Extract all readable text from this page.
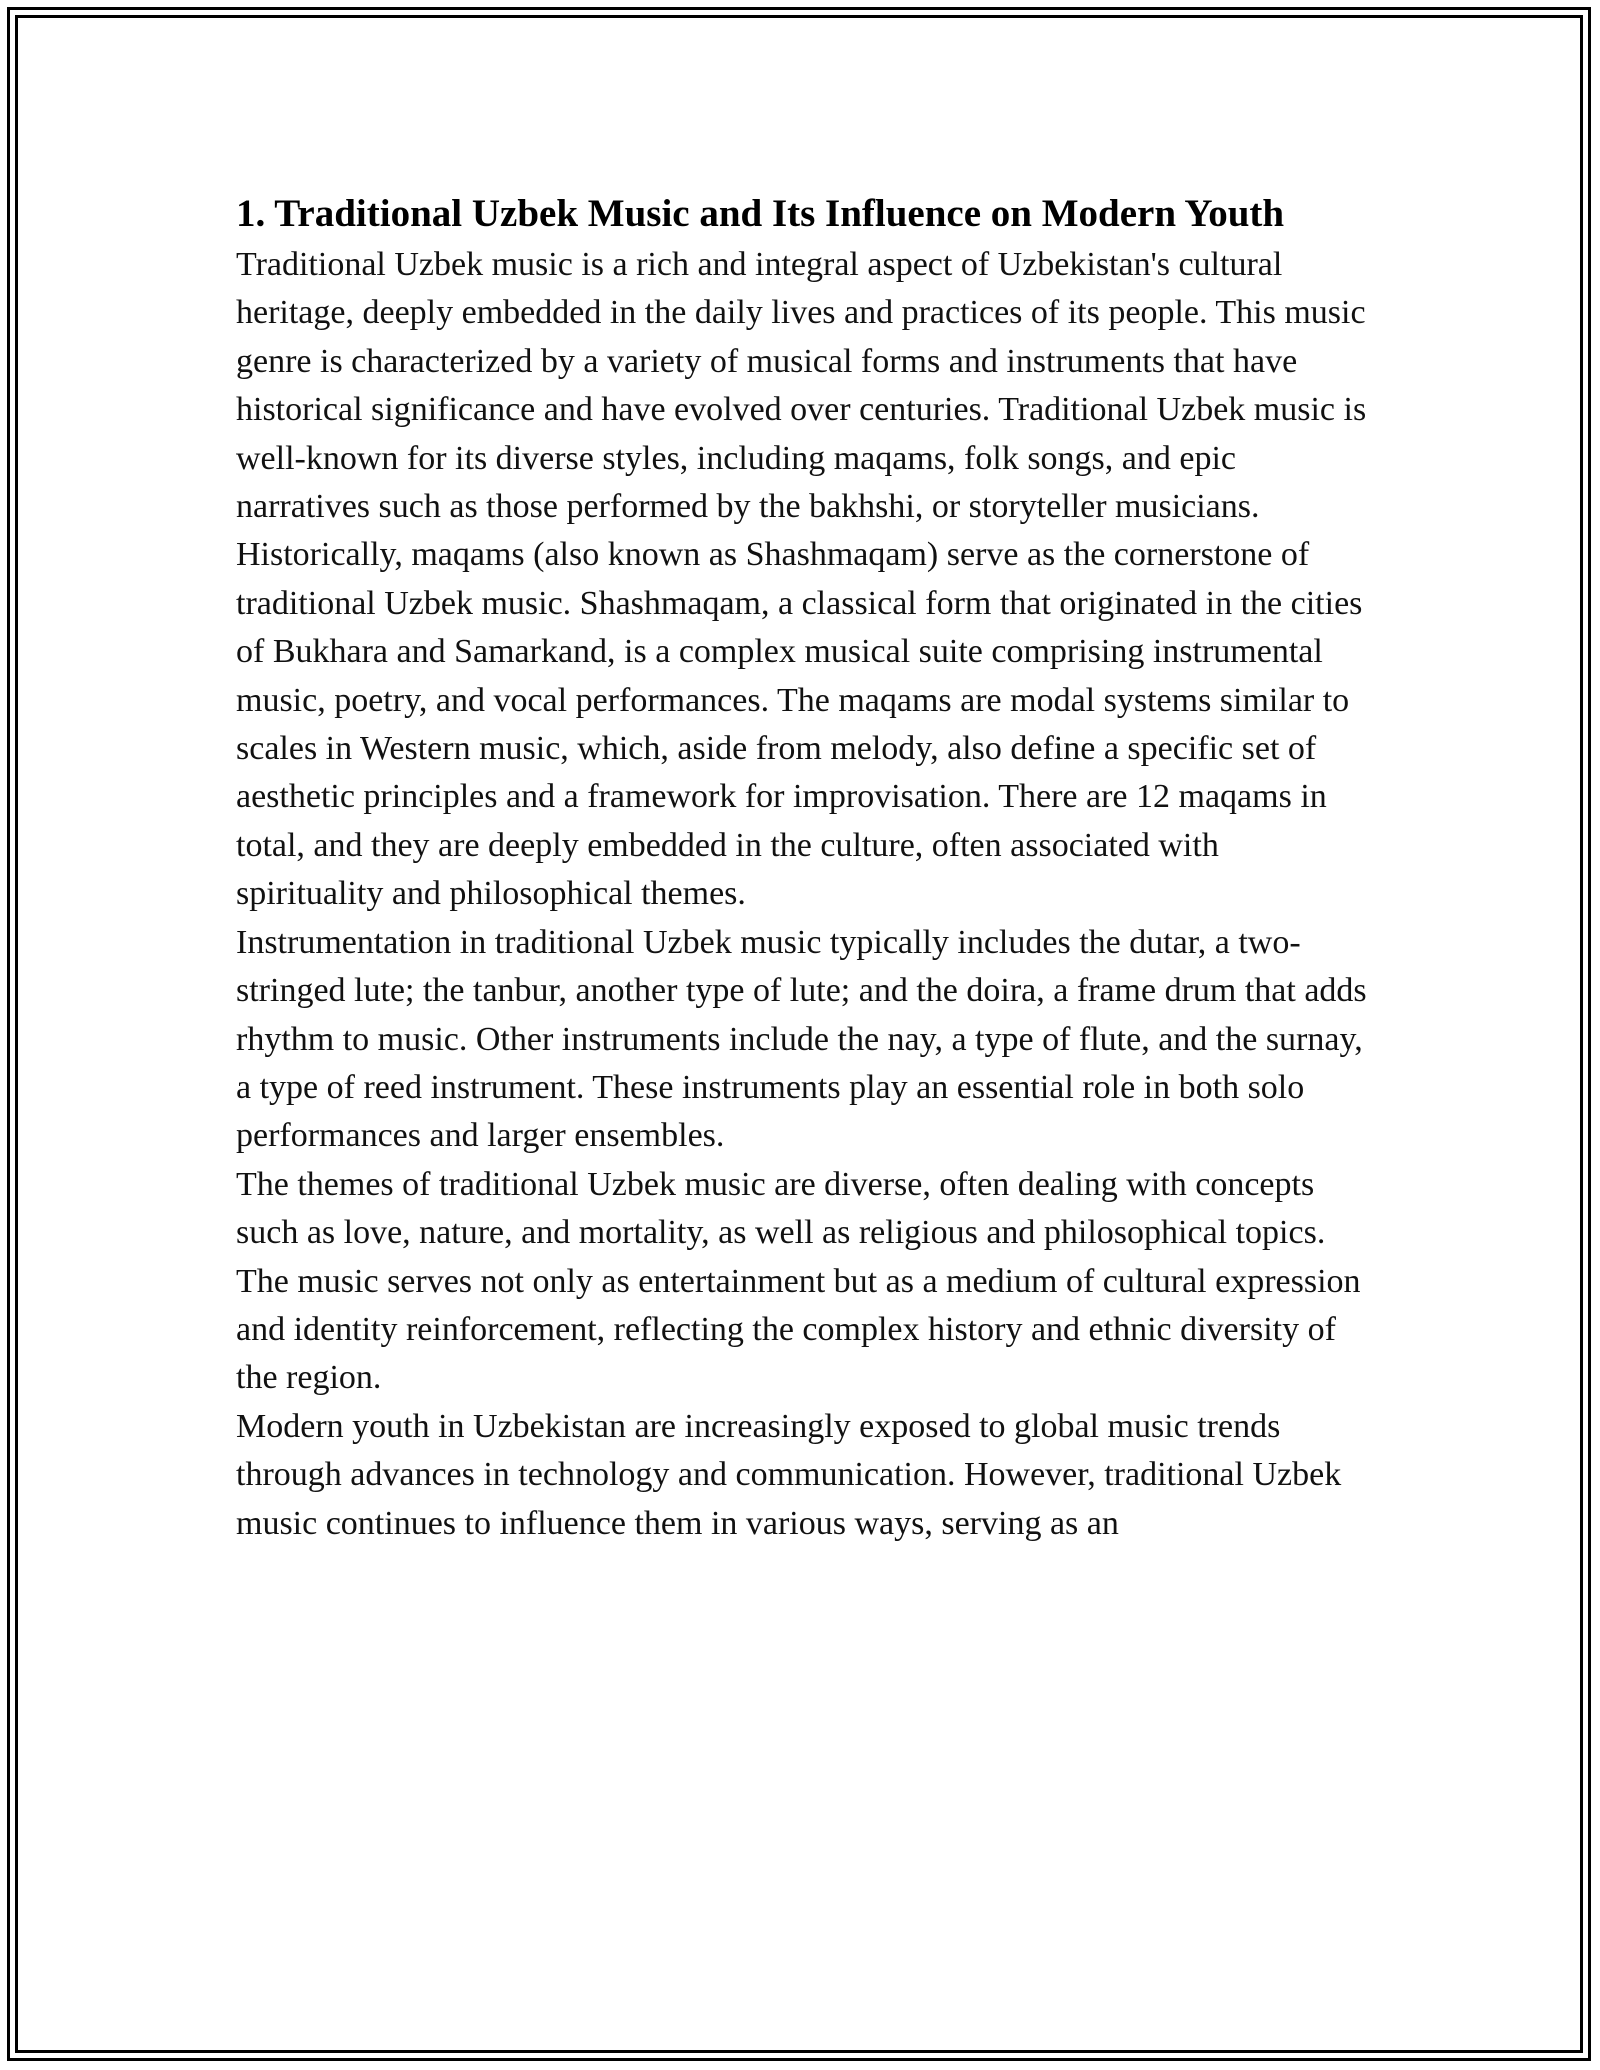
1. Traditional Uzbek Music and Its Influence on Modern Youth

Traditional Uzbek music is a rich and integral aspect of Uzbekistan's cultural heritage, deeply embedded in the daily lives and practices of its people. This music genre is characterized by a variety of musical forms and instruments that have historical significance and have evolved over centuries. Traditional Uzbek music is well-known for its diverse styles, including maqams, folk songs, and epic narratives such as those performed by the bakhshi, or storyteller musicians.

Historically, maqams (also known as Shashmaqam) serve as the cornerstone of traditional Uzbek music. Shashmaqam, a classical form that originated in the cities of Bukhara and Samarkand, is a complex musical suite comprising instrumental music, poetry, and vocal performances. The maqams are modal systems similar to scales in Western music, which, aside from melody, also define a specific set of aesthetic principles and a framework for improvisation. There are 12 maqams in total, and they are deeply embedded in the culture, often associated with spirituality and philosophical themes.

Instrumentation in traditional Uzbek music typically includes the dutar, a two-stringed lute; the tanbur, another type of lute; and the doira, a frame drum that adds rhythm to music. Other instruments include the nay, a type of flute, and the surnay, a type of reed instrument. These instruments play an essential role in both solo performances and larger ensembles.

The themes of traditional Uzbek music are diverse, often dealing with concepts such as love, nature, and mortality, as well as religious and philosophical topics. The music serves not only as entertainment but as a medium of cultural expression and identity reinforcement, reflecting the complex history and ethnic diversity of the region.

Modern youth in Uzbekistan are increasingly exposed to global music trends through advances in technology and communication. However, traditional Uzbek music continues to influence them in various ways, serving as an
